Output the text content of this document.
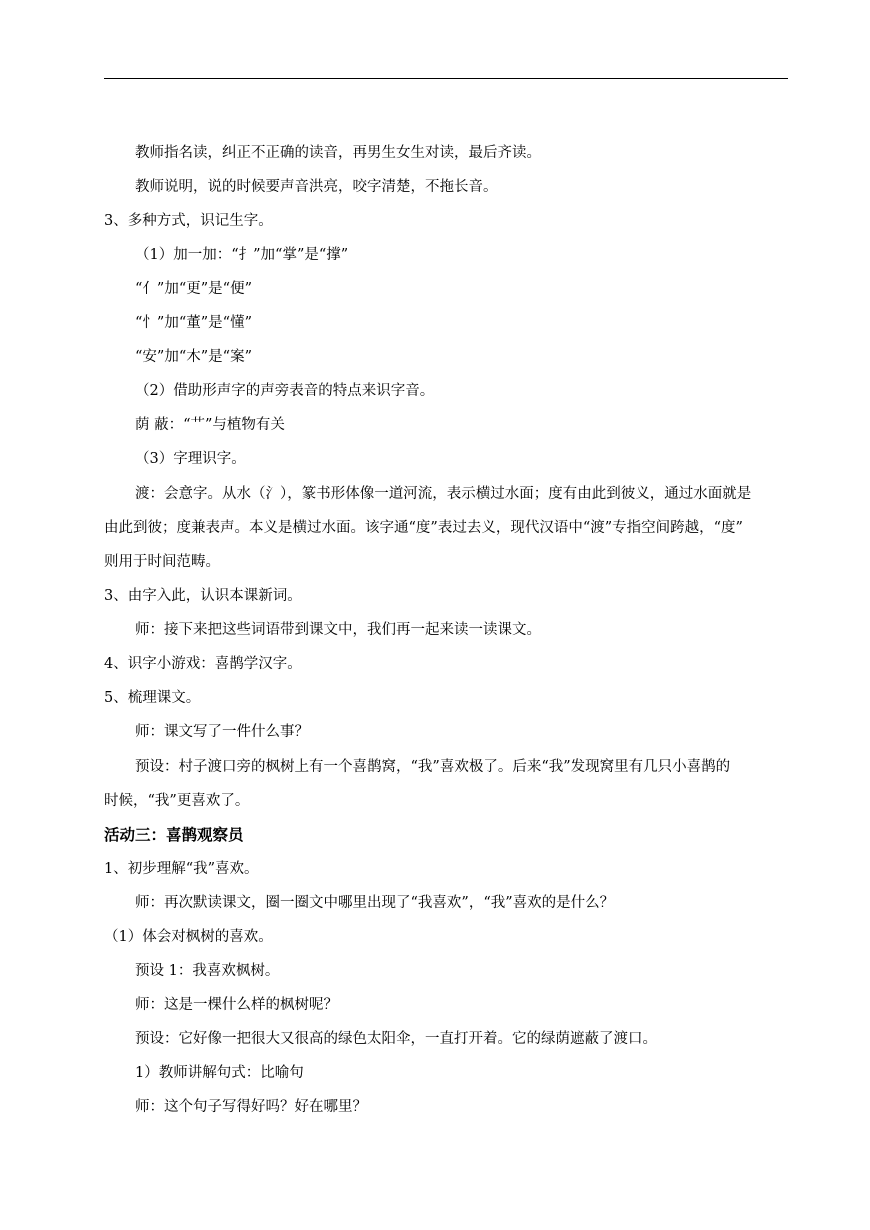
教师指名读，纠正不正确的读音，再男生女生对读，最后齐读。
教师说明，说的时候要声音洪亮，咬字清楚，不拖长音。
3、多种方式，识记生字。
（1）加一加：“扌”加“掌”是“撑”
“亻”加“更”是“便”
“忄”加“董”是“懂”
“安”加“木”是“案”
（2）借助形声字的声旁表音的特点来识字音。
荫 蔽：“艹”与植物有关
（3）字理识字。
渡：会意字。从水（氵），篆书形体像一道河流，表示横过水面；度有由此到彼义，通过水面就是
由此到彼；度兼表声。本义是横过水面。该字通“度”表过去义，现代汉语中“渡”专指空间跨越，“度”
则用于时间范畴。
3、由字入此，认识本课新词。
师：接下来把这些词语带到课文中，我们再一起来读一读课文。
4、识字小游戏：喜鹊学汉字。
5、梳理课文。
师：课文写了一件什么事？
预设：村子渡口旁的枫树上有一个喜鹊窝，“我”喜欢极了。后来“我”发现窝里有几只小喜鹊的
时候，“我”更喜欢了。
活动三：喜鹊观察员
1、初步理解“我”喜欢。
师：再次默读课文，圈一圈文中哪里出现了“我喜欢”，“我”喜欢的是什么？
（1）体会对枫树的喜欢。
预设 1：我喜欢枫树。
师：这是一棵什么样的枫树呢？
预设：它好像一把很大又很高的绿色太阳伞，一直打开着。它的绿荫遮蔽了渡口。
1）教师讲解句式：比喻句
师：这个句子写得好吗？好在哪里？
